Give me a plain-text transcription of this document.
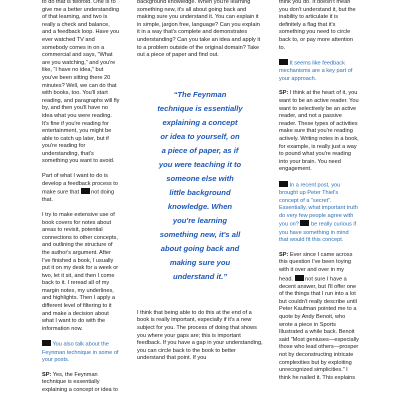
to do that is twofold. One is to give me a better understanding of that learning, and two is really a check and balance, and a feedback loop. Have you ever watched TV and somebody comes in on a commercial and says, “What are you watching,” and you're like, “I have no idea,” but you've been sitting there 20 minutes? Well, we can do that with books, too. You'll start reading, and paragraphs will fly by, and then you'll have no idea what you were reading. It's fine if you're reading for entertainment, you might be able to catch up later, but if you're reading for understanding, that's something you want to avoid.

Part of what I want to do is develop a feedback process to make sure that not doing that.

I try to make extensive use of book covers for notes about areas to revisit, potential connections to other concepts, and outlining the structure of the author's argument. After I've finished a book, I usually put it on my desk for a week or two, let it sit, and then I come back to it. I reread all of my margin notes, my underlines, and highlights. Then I apply a different level of filtering to it and make a decision about what I want to do with the information now.

You also talk about the Feynman technique in some of your posts.

SP: Yes, the Feynman technique is essentially explaining a concept or idea to

background knowledge. When you're learning something new, it's all about going back and making sure you understand it. You can explain it in simple, jargon free, language? Can you explain it in a way that's complete and demonstrates understanding? Can you take an idea and apply it to a problem outside of the original domain? Take out a piece of paper and find out.

“The Feynman
technique is essentially
explaining a concept
or idea to yourself, on
a piece of paper, as if
you were teaching it to
someone else with
little background
knowledge. When
you're learning
something new, it's all
about going back and
making sure you
understand it.”

I think that being able to do this at the end of a book is really important, especially if it's a new subject for you. The process of doing that shows you where your gaps are; this is important feedback. If you have a gap in your understanding, you can circle back to the book to better understand that point. If you

think you do. It doesn't mean you don't understand it, but the inability to articulate it is definitely a flag that it's something you need to circle back to, or pay more attention to.

It seems like feedback mechanisms are a key part of your approach.

SP: I think at the heart of it, you want to be an active reader. You want to selectively be an active reader, and not a passive reader. These types of activities make sure that you're reading actively. Writing notes in a book, for example, is really just a way to pound what you're reading into your brain. You need engagement.

In a recent post, you brought up Peter Thiel's concept of a “secret”. Essentially, what important truth do very few people agree with you on? be really curious if you have something in mind that would fit this concept.

SP: Ever since I came across this question I've been toying with it over and over in my head. not sure I have a decent answer, but I'll offer one of the things that I run into a lot but couldn't really describe until Peter Kaufman pointed me to a quote by Andy Benoit, who wrote a piece in Sports Illustrated a while back. Benoit said “Most geniuses—especially those who lead others—prosper not by deconstructing intricate complexities but by exploiting unrecognized simplicities.” I think he nailed it. This explains
